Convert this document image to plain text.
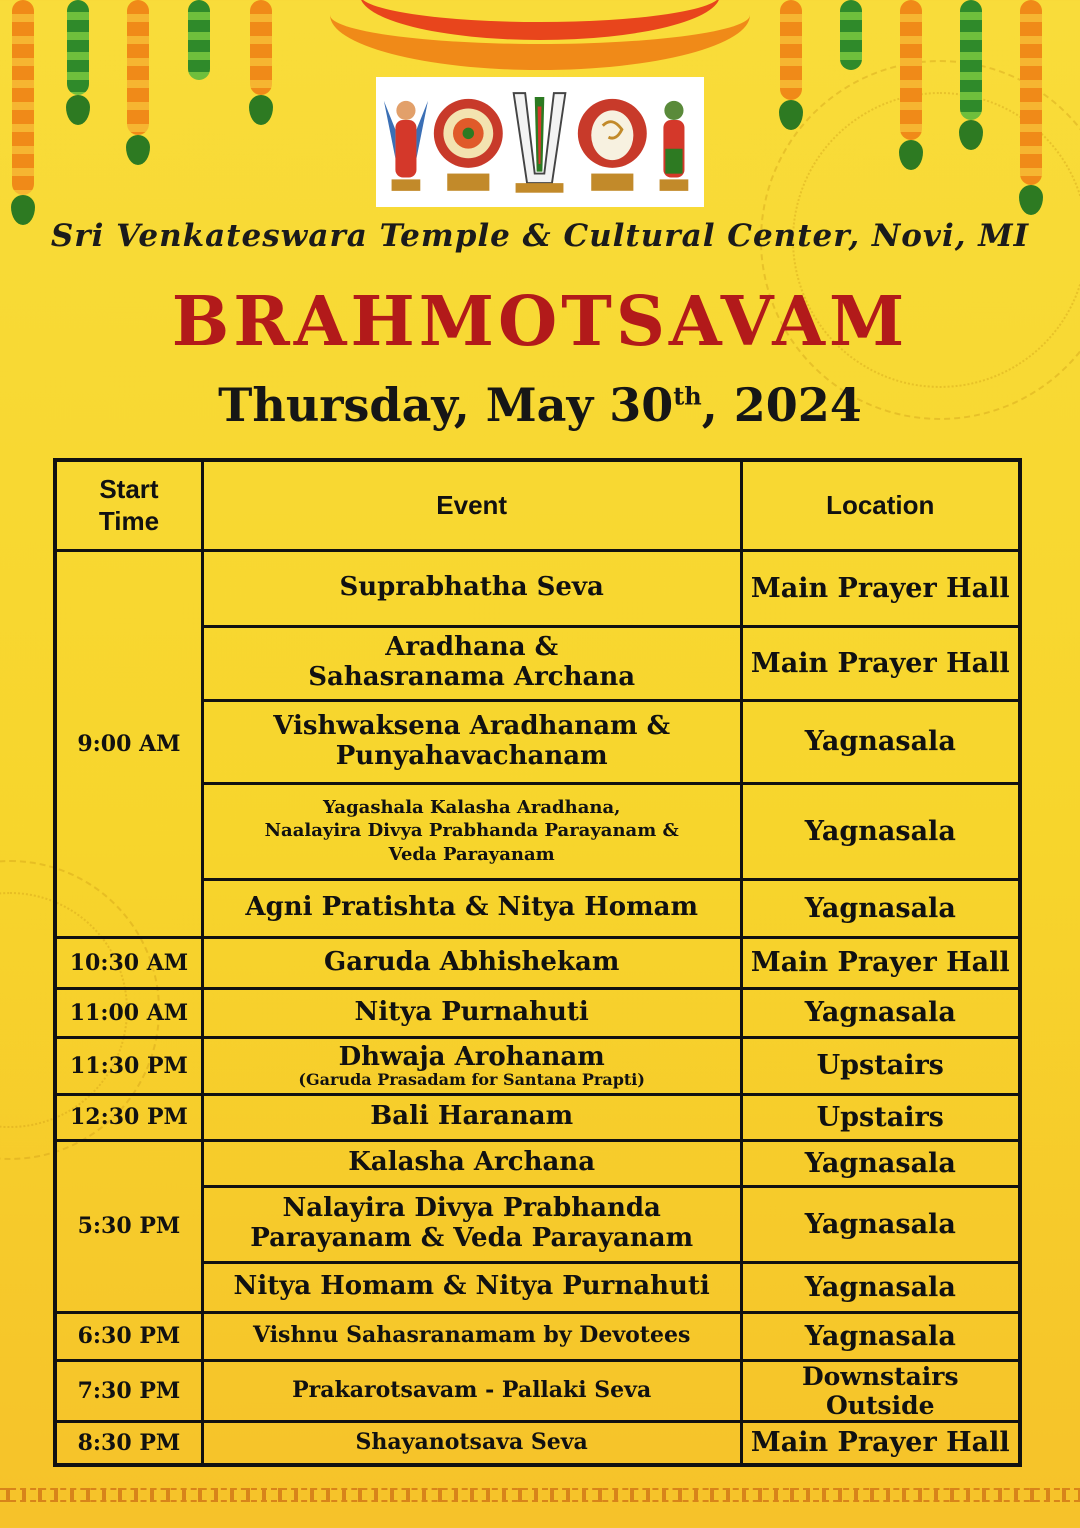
Sri Venkateswara Temple & Cultural Center, Novi, MI
BRAHMOTSAVAM
Thursday, May 30th, 2024
Start
Time	Event	Location
9:00 AM	Suprabhatha Seva	Main Prayer Hall

	Aradhana &
Sahasranama Archana	Main Prayer Hall

	Vishwaksena Aradhanam &
Punyahavachanam	Yagnasala

	Yagashala Kalasha Aradhana,
Naalayira Divya Prabhanda Parayanam &
Veda Parayanam	Yagnasala
	Agni Pratishta & Nitya Homam	Yagnasala
10:30 AM	Garuda Abhishekam	Main Prayer Hall
11:00 AM	Nitya Purnahuti	Yagnasala
11:30 PM	Dhwaja Arohanam
(Garuda Prasadam for Santana Prapti)	Upstairs
12:30 PM	Bali Haranam	Upstairs
5:30 PM	Kalasha Archana	Yagnasala

	Nalayira Divya Prabhanda
Parayanam & Veda Parayanam	Yagnasala
	Nitya Homam & Nitya Purnahuti	Yagnasala
6:30 PM	Vishnu Sahasranamam by Devotees	Yagnasala
7:30 PM	Prakarotsavam - Pallaki Seva	Downstairs Outside
8:30 PM	Shayanotsava Seva	Main Prayer Hall
